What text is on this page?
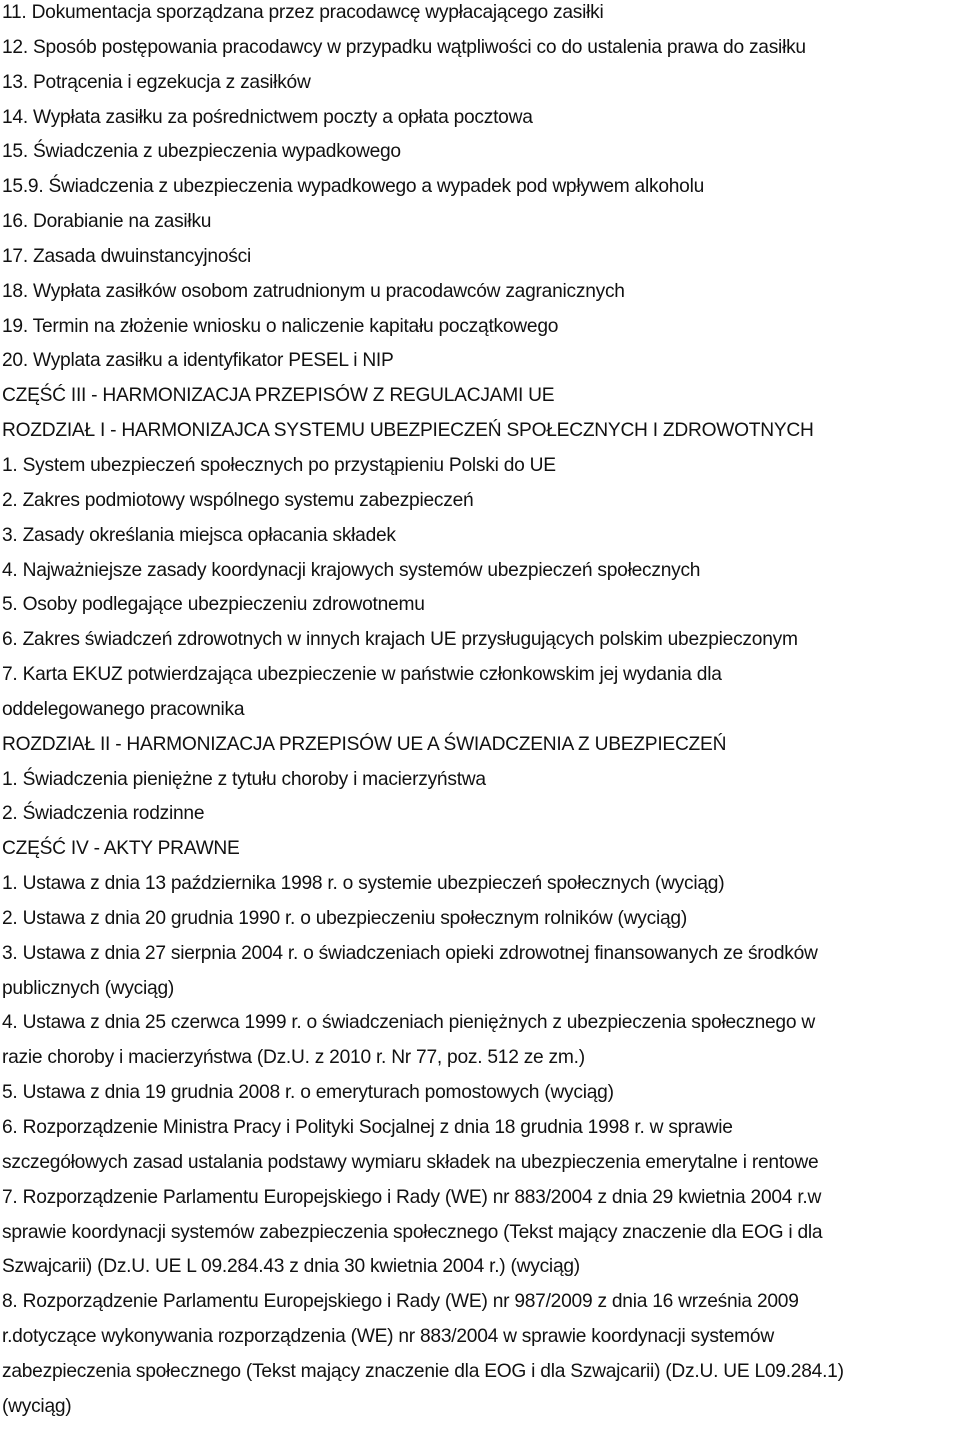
11. Dokumentacja sporządzana przez pracodawcę wypłacającego zasiłki
12. Sposób postępowania pracodawcy w przypadku wątpliwości co do ustalenia prawa do zasiłku
13. Potrącenia i egzekucja z zasiłków
14. Wypłata zasiłku za pośrednictwem poczty a opłata pocztowa
15. Świadczenia z ubezpieczenia wypadkowego
15.9. Świadczenia z ubezpieczenia wypadkowego a wypadek pod wpływem alkoholu
16. Dorabianie na zasiłku
17. Zasada dwuinstancyjności
18. Wypłata zasiłków osobom zatrudnionym u pracodawców zagranicznych
19. Termin na złożenie wniosku o naliczenie kapitału początkowego
20. Wyplata zasiłku a identyfikator PESEL i NIP
CZĘŚĆ III - HARMONIZACJA PRZEPISÓW Z REGULACJAMI UE
ROZDZIAŁ I - HARMONIZAJCA SYSTEMU UBEZPIECZEŃ SPOŁECZNYCH I ZDROWOTNYCH
1. System ubezpieczeń społecznych po przystąpieniu Polski do UE
2. Zakres podmiotowy wspólnego systemu zabezpieczeń
3. Zasady określania miejsca opłacania składek
4. Najważniejsze zasady koordynacji krajowych systemów ubezpieczeń społecznych
5. Osoby podlegające ubezpieczeniu zdrowotnemu
6. Zakres świadczeń zdrowotnych w innych krajach UE przysługujących polskim ubezpieczonym
7. Karta EKUZ potwierdzająca ubezpieczenie w państwie członkowskim jej wydania dla
oddelegowanego pracownika
ROZDZIAŁ II - HARMONIZACJA PRZEPISÓW UE A ŚWIADCZENIA Z UBEZPIECZEŃ
1. Świadczenia pieniężne z tytułu choroby i macierzyństwa
2. Świadczenia rodzinne
CZĘŚĆ IV - AKTY PRAWNE
1. Ustawa z dnia 13 października 1998 r. o systemie ubezpieczeń społecznych (wyciąg)
2. Ustawa z dnia 20 grudnia 1990 r. o ubezpieczeniu społecznym rolników (wyciąg)
3. Ustawa z dnia 27 sierpnia 2004 r. o świadczeniach opieki zdrowotnej finansowanych ze środków
publicznych (wyciąg)
4. Ustawa z dnia 25 czerwca 1999 r. o świadczeniach pieniężnych z ubezpieczenia społecznego w
razie choroby i macierzyństwa (Dz.U. z 2010 r. Nr 77, poz. 512 ze zm.)
5. Ustawa z dnia 19 grudnia 2008 r. o emeryturach pomostowych (wyciąg)
6. Rozporządzenie Ministra Pracy i Polityki Socjalnej z dnia 18 grudnia 1998 r. w sprawie
szczegółowych zasad ustalania podstawy wymiaru składek na ubezpieczenia emerytalne i rentowe
7. Rozporządzenie Parlamentu Europejskiego i Rady (WE) nr 883/2004 z dnia 29 kwietnia 2004 r.w
sprawie koordynacji systemów zabezpieczenia społecznego (Tekst mający znaczenie dla EOG i dla
Szwajcarii) (Dz.U. UE L 09.284.43 z dnia 30 kwietnia 2004 r.) (wyciąg)
8. Rozporządzenie Parlamentu Europejskiego i Rady (WE) nr 987/2009 z dnia 16 września 2009
r.dotyczące wykonywania rozporządzenia (WE) nr 883/2004 w sprawie koordynacji systemów
zabezpieczenia społecznego (Tekst mający znaczenie dla EOG i dla Szwajcarii) (Dz.U. UE L09.284.1)
(wyciąg)
